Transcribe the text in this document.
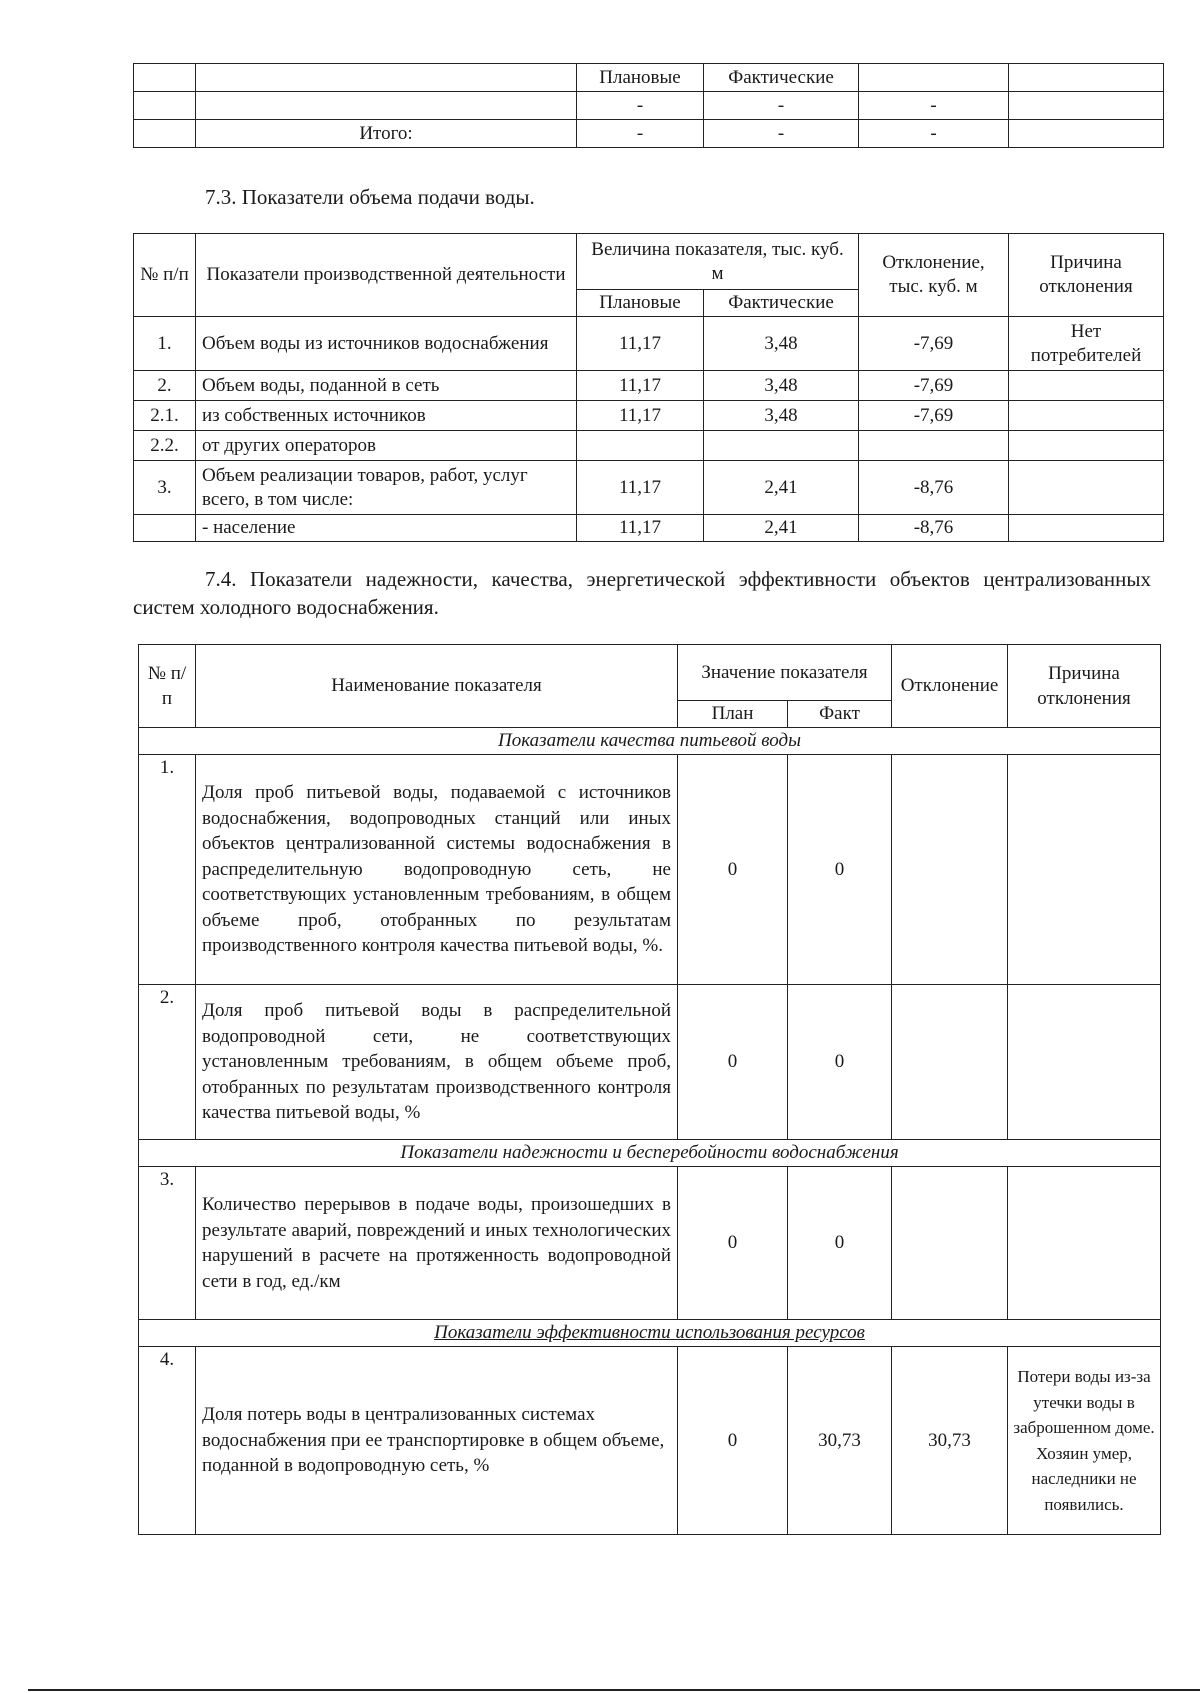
		Плановые	Фактические		
		-	-	-	
	Итого:	-	-	-	
7.3. Показатели объема подачи воды.
№ п/п	Показатели производственной деятельности	Величина показателя, тыс. куб. м		Отклонение, тыс. куб. м	Причина отклонения
		Плановые	Фактические		
1.	Объем воды из источников водоснабжения	11,17	3,48	-7,69	Нет потребителей
2.	Объем воды, поданной в сеть	11,17	3,48	-7,69	
2.1.	из собственных источников	11,17	3,48	-7,69	
2.2.	от других операторов				
3.	Объем реализации товаров, работ, услуг всего, в том числе:	11,17	2,41	-8,76	
	- население	11,17	2,41	-8,76	
7.4. Показатели надежности, качества, энергетической эффективности объектов централизованных систем холодного водоснабжения.
№ п/п	Наименование показателя	Значение показателя		Отклонение	Причина отклонения
		План	Факт		
Показатели качества питьевой воды					
1.	Доля проб питьевой воды, подаваемой с источников водоснабжения, водопроводных станций или иных объектов централизованной системы водоснабжения в распределительную водопроводную сеть, не соответствующих установленным требованиям, в общем объеме проб, отобранных по результатам производственного контроля качества питьевой воды, %.	0	0		
2.	Доля проб питьевой воды в распределительной водопроводной сети, не соответствующих установленным требованиям, в общем объеме проб, отобранных по результатам производственного контроля качества питьевой воды, %	0	0		
Показатели надежности и бесперебойности водоснабжения					
3.	Количество перерывов в подаче воды, произошедших в результате аварий, повреждений и иных технологических нарушений в расчете на протяженность водопроводной сети в год, ед./км	0	0		
Показатели эффективности использования ресурсов					
4.	Доля потерь воды в централизованных системах водоснабжения при ее транспортировке в общем объеме, поданной в водопроводную сеть, %	0	30,73	30,73	Потери воды из-за утечки воды в заброшенном доме. Хозяин умер, наследники не появились.
